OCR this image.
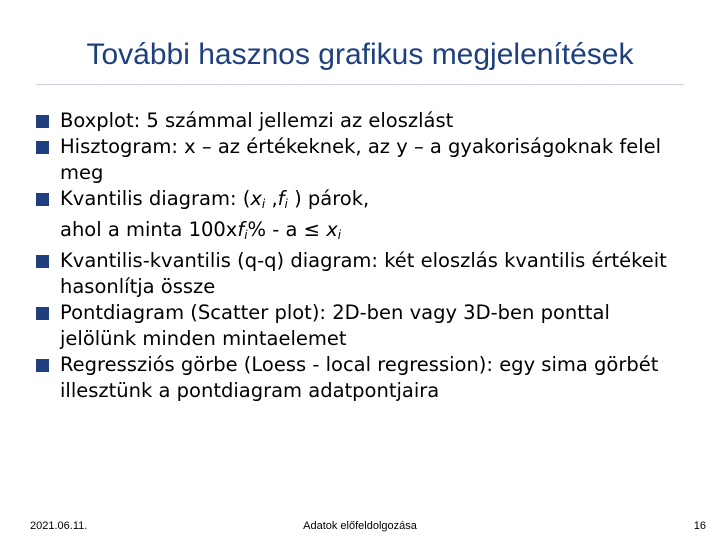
További hasznos grafikus megjelenítések
Boxplot: 5 számmal jellemzi az eloszlást
Hisztogram: x – az értékeknek, az y – a gyakoriságoknak felel meg
Kvantilis diagram: ($x_i$ $,f_i$ ) párok,
ahol a minta $100xf_i\% - a \le x_i$
Kvantilis-kvantilis (q-q) diagram: két eloszlás kvantilis értékeit hasonlítja össze
Pontdiagram (Scatter plot): 2D-ben vagy 3D-ben ponttal jelölünk minden mintaelemet
Regressziós görbe (Loess - local regression): egy sima görbét illesztünk a pontdiagram adatpontjaira
2021.06.11.	Adatok előfeldolgozása	16
